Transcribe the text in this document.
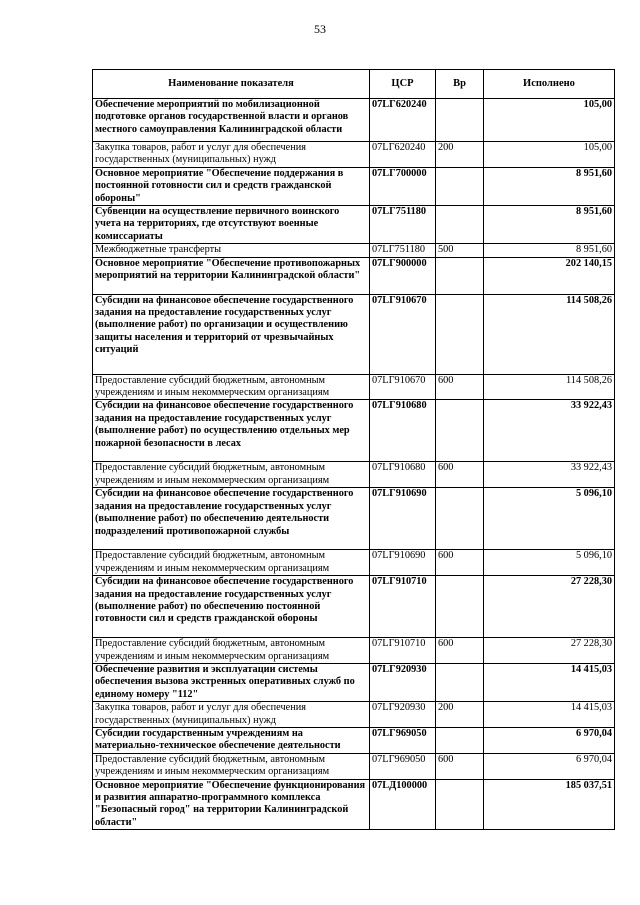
53
Наименование показателя	ЦСР	Вр	Исполнено
Обеспечение мероприятий по мобилизационной подготовке органов государственной власти и органов местного самоуправления Калининградской области	07LГ620240		105,00
Закупка товаров, работ и услуг для обеспечения государственных (муниципальных) нужд	07LГ620240	200	105,00
Основное мероприятие "Обеспечение поддержания в постоянной готовности сил и средств гражданской обороны"	07LГ700000		8 951,60
Субвенции на осуществление первичного воинского учета на территориях, где отсутствуют военные комиссариаты	07LГ751180		8 951,60
Межбюджетные трансферты	07LГ751180	500	8 951,60
Основное мероприятие "Обеспечение противопожарных мероприятий на территории Калининградской области"	07LГ900000		202 140,15
Субсидии на финансовое обеспечение государственного задания на предоставление государственных услуг (выполнение работ) по организации и осуществлению защиты населения и территорий от чрезвычайных ситуаций	07LГ910670		114 508,26
Предоставление субсидий бюджетным, автономным учреждениям и иным некоммерческим организациям	07LГ910670	600	114 508,26
Субсидии на финансовое обеспечение государственного задания на предоставление государственных услуг (выполнение работ) по осуществлению отдельных мер пожарной безопасности в лесах	07LГ910680		33 922,43
Предоставление субсидий бюджетным, автономным учреждениям и иным некоммерческим организациям	07LГ910680	600	33 922,43
Субсидии на финансовое обеспечение государственного задания на предоставление государственных услуг (выполнение работ) по обеспечению деятельности подразделений противопожарной службы	07LГ910690		5 096,10
Предоставление субсидий бюджетным, автономным учреждениям и иным некоммерческим организациям	07LГ910690	600	5 096,10
Субсидии на финансовое обеспечение государственного задания на предоставление государственных услуг (выполнение работ) по обеспечению постоянной готовности сил и средств гражданской обороны	07LГ910710		27 228,30
Предоставление субсидий бюджетным, автономным учреждениям и иным некоммерческим организациям	07LГ910710	600	27 228,30
Обеспечение развития и эксплуатации системы обеспечения вызова экстренных оперативных служб по единому номеру "112"	07LГ920930		14 415,03
Закупка товаров, работ и услуг для обеспечения государственных (муниципальных) нужд	07LГ920930	200	14 415,03
Субсидии государственным учреждениям на материально-техническое обеспечение деятельности	07LГ969050		6 970,04
Предоставление субсидий бюджетным, автономным учреждениям и иным некоммерческим организациям	07LГ969050	600	6 970,04
Основное мероприятие "Обеспечение функционирования и развития аппаратно-программного комплекса "Безопасный город" на территории Калининградской области"	07LД100000		185 037,51
